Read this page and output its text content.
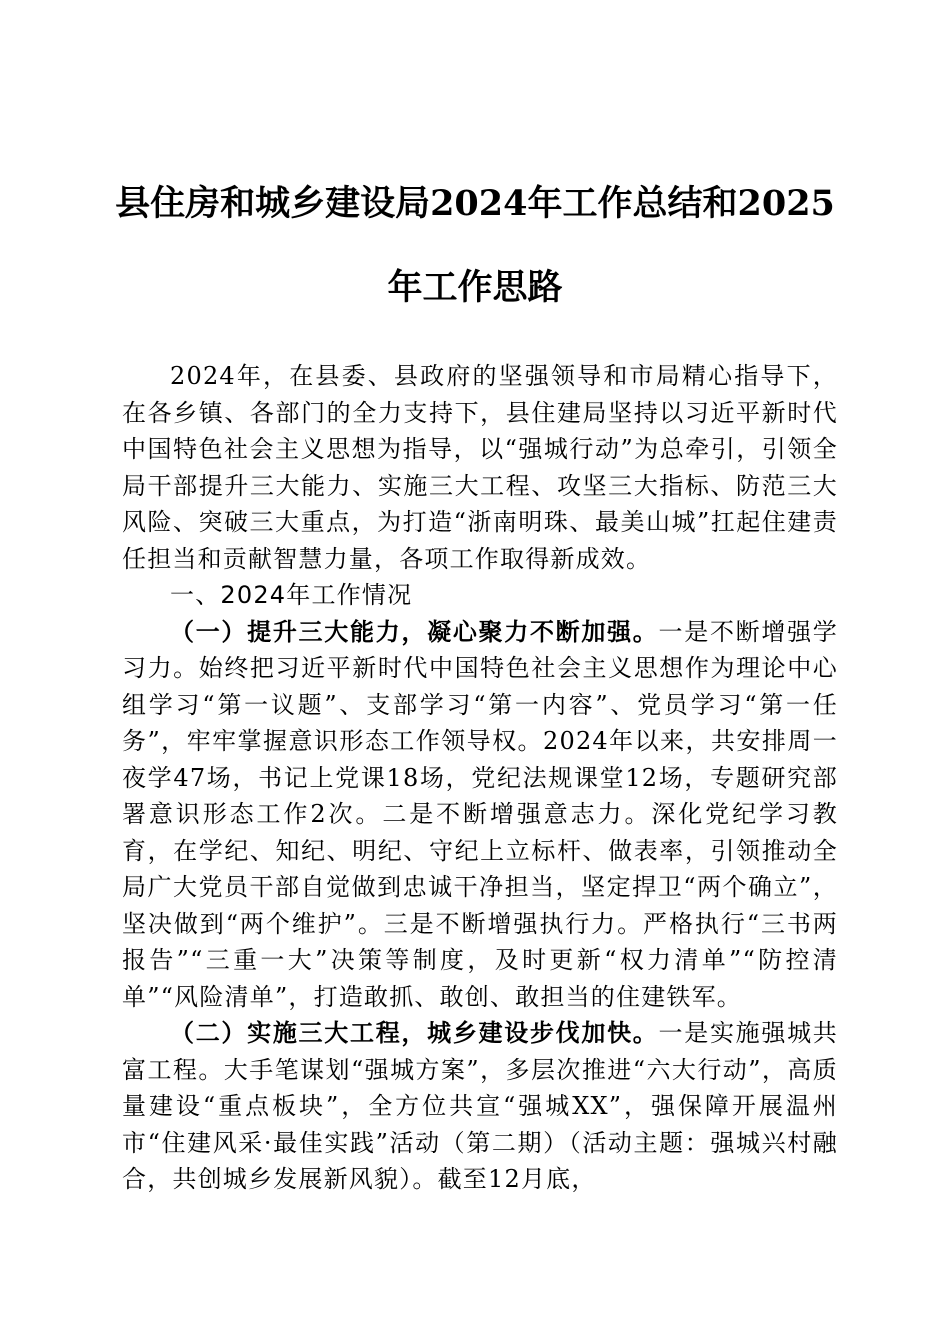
县住房和城乡建设局2024年工作总结和2025年工作思路

2024年，在县委、县政府的坚强领导和市局精心指导下，在各乡镇、各部门的全力支持下，县住建局坚持以习近平新时代中国特色社会主义思想为指导，以“强城行动”为总牵引，引领全局干部提升三大能力、实施三大工程、攻坚三大指标、防范三大风险、突破三大重点，为打造“浙南明珠、最美山城”扛起住建责任担当和贡献智慧力量，各项工作取得新成效。

一、2024年工作情况

（一）提升三大能力，凝心聚力不断加强。一是不断增强学习力。始终把习近平新时代中国特色社会主义思想作为理论中心组学习“第一议题”、支部学习“第一内容”、党员学习“第一任务”，牢牢掌握意识形态工作领导权。2024年以来，共安排周一夜学47场，书记上党课18场，党纪法规课堂12场，专题研究部署意识形态工作2次。二是不断增强意志力。深化党纪学习教育，在学纪、知纪、明纪、守纪上立标杆、做表率，引领推动全局广大党员干部自觉做到忠诚干净担当，坚定捍卫“两个确立”，坚决做到“两个维护”。三是不断增强执行力。严格执行“三书两报告”“三重一大”决策等制度，及时更新“权力清单”“防控清单”“风险清单”，打造敢抓、敢创、敢担当的住建铁军。

（二）实施三大工程，城乡建设步伐加快。一是实施强城共富工程。大手笔谋划“强城方案”，多层次推进“六大行动”，高质量建设“重点板块”，全方位共宣“强城XX”，强保障开展温州市“住建风采·最佳实践”活动（第二期）（活动主题：强城兴村融合，共创城乡发展新风貌）。截至12月底，
